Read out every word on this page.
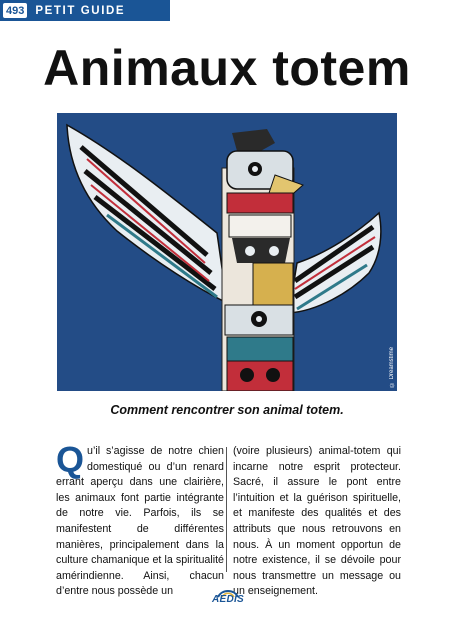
493 PETIT GUIDE
Animaux totem
© Dreamstime
Comment rencontrer son animal totem.
Qu’il s’agisse de notre chien domestiqué ou d’un renard errant aperçu dans une clairière, les animaux font partie intégrante de notre vie. Parfois, ils se manifestent de différentes manières, principalement dans la culture chamanique et la spiritualité amérindienne. Ainsi, chacun d’entre nous possède un
(voire plusieurs) animal-totem qui incarne notre esprit protecteur. Sacré, il assure le pont entre l’intuition et la guérison spirituelle, et manifeste des qualités et des attributs que nous retrouvons en nous. À un moment opportun de notre existence, il se dévoile pour nous transmettre un message ou un enseignement.
AEDIS
